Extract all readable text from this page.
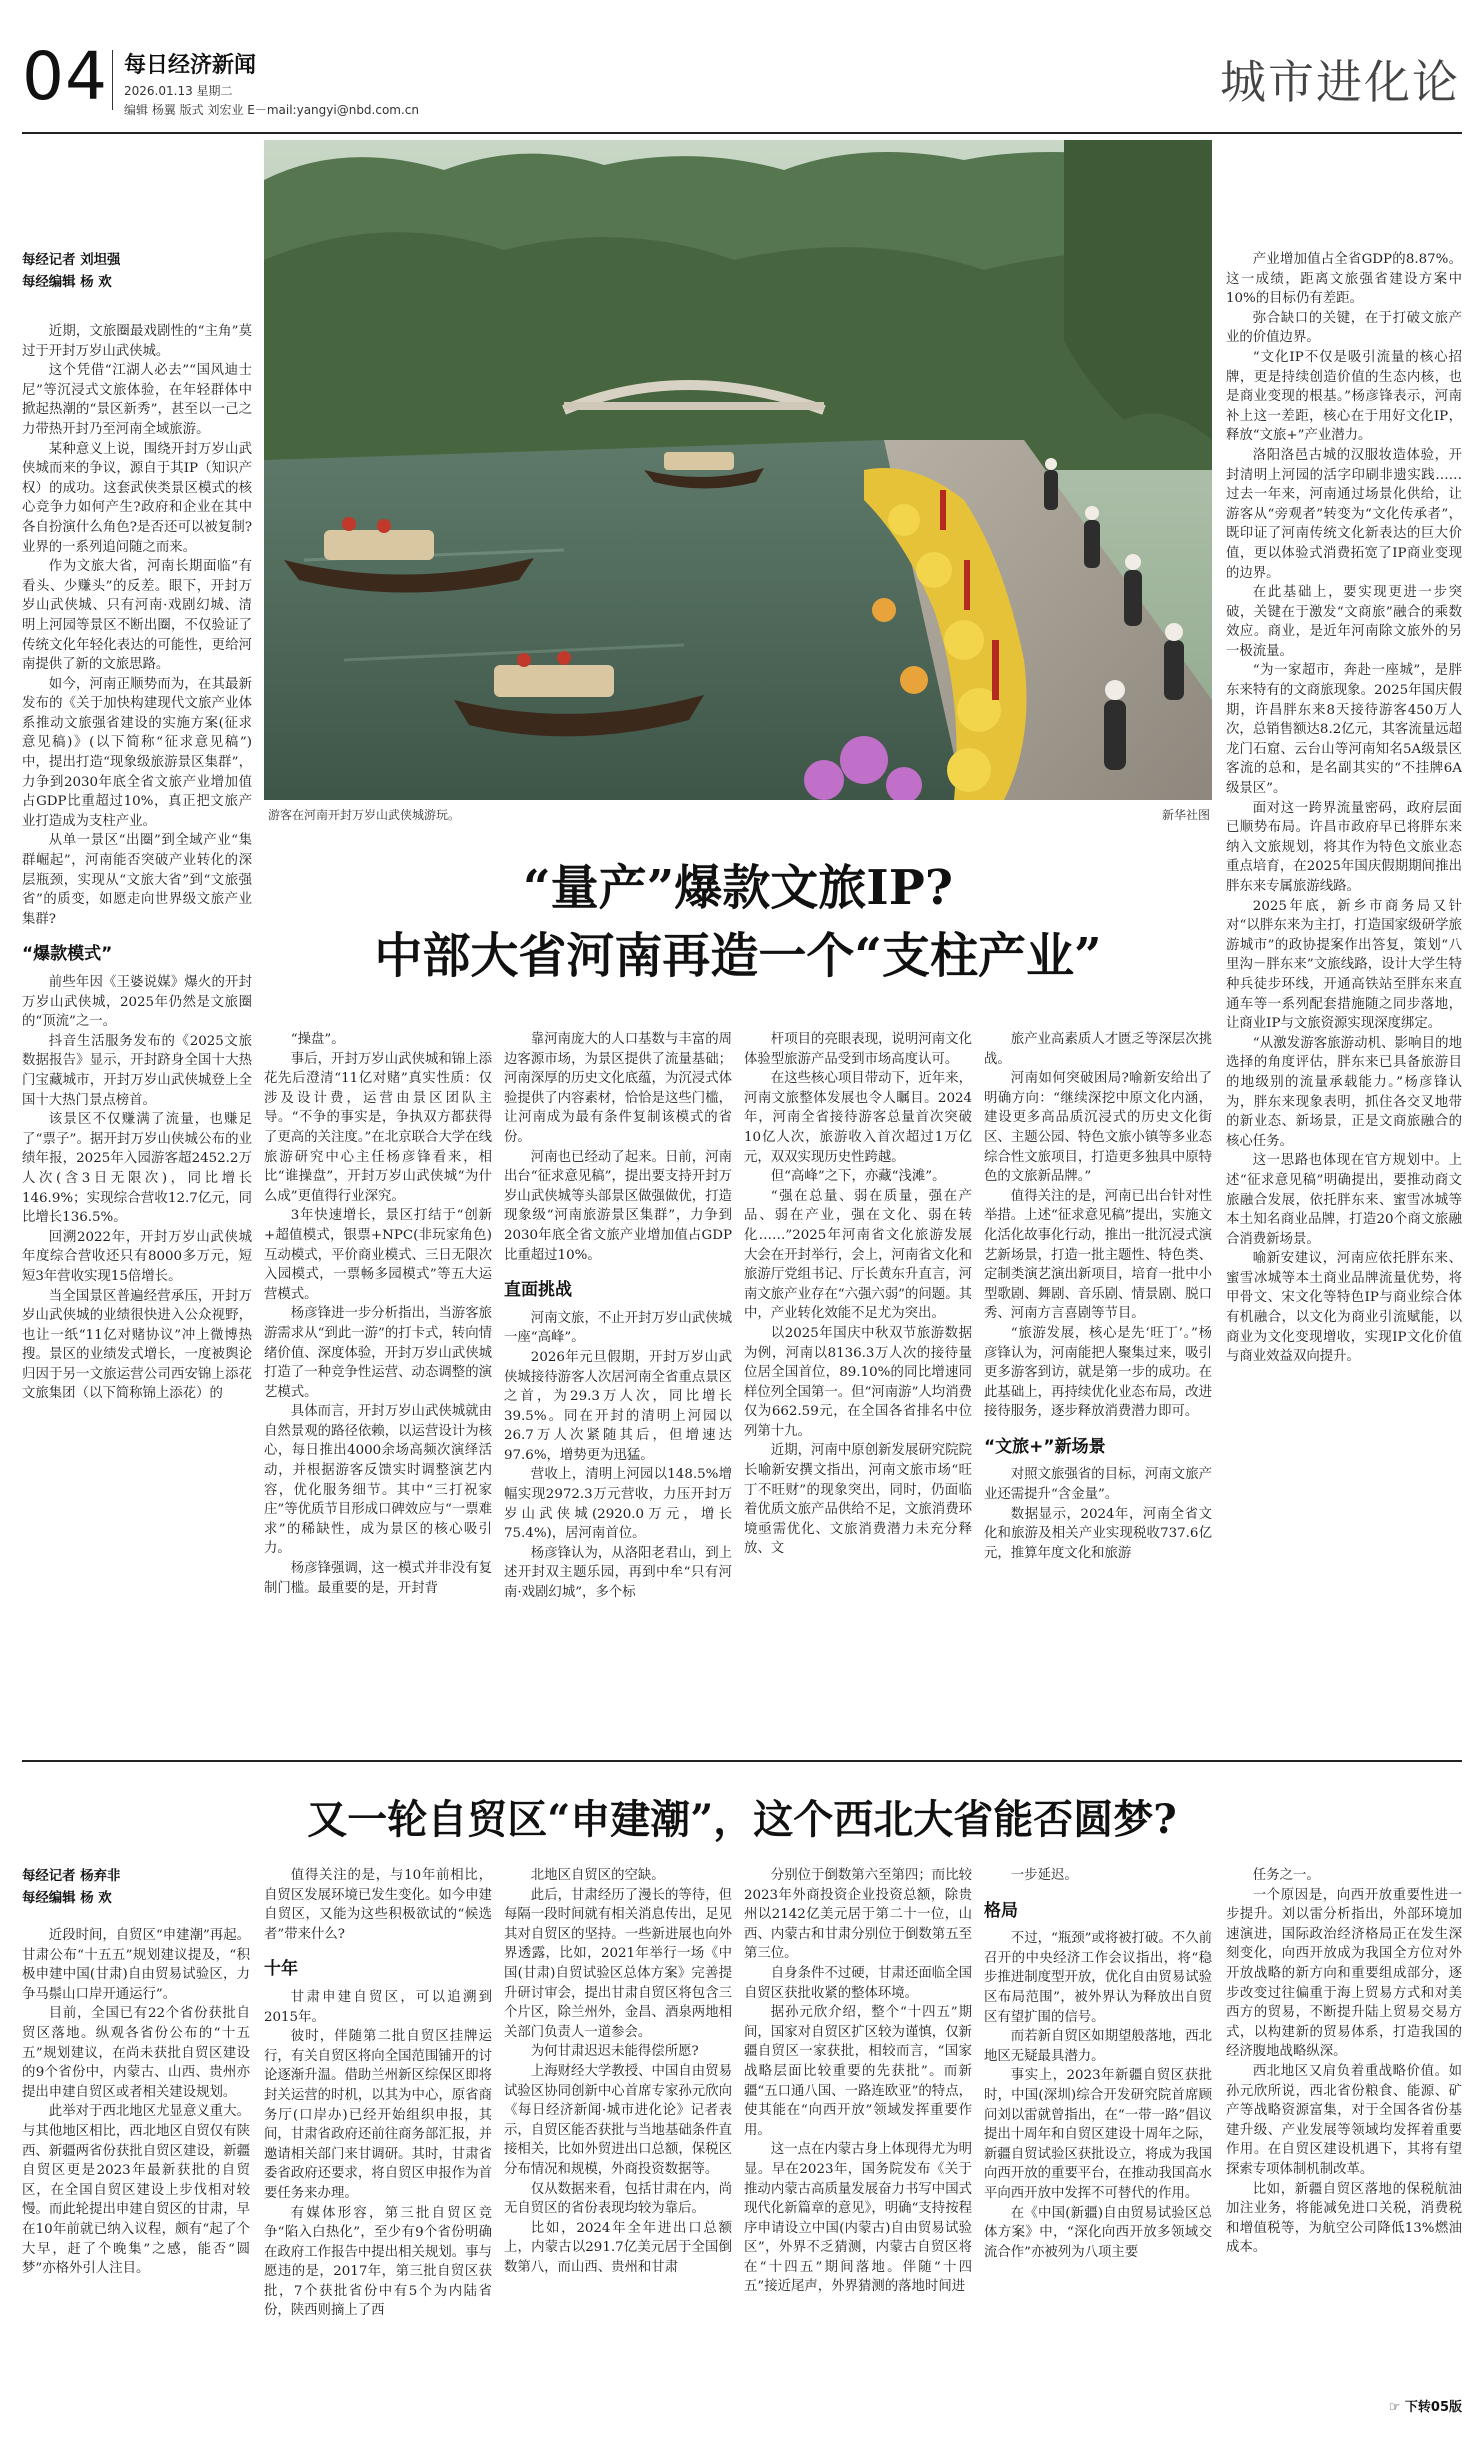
04 每日经济新闻
2026.01.13 星期二
编辑 杨翼 版式 刘宏业 E－mail:yangyi@nbd.com.cn
城市进化论
每经记者 刘坦强
每经编辑 杨 欢
游客在河南开封万岁山武侠城游玩。	新华社图
“量产”爆款文旅IP?
中部大省河南再造一个“支柱产业”

近期，文旅圈最戏剧性的“主角”莫过于开封万岁山武侠城。

这个凭借“江湖人必去”“国风迪士尼”等沉浸式文旅体验，在年轻群体中掀起热潮的“景区新秀”，甚至以一己之力带热开封乃至河南全域旅游。

某种意义上说，围绕开封万岁山武侠城而来的争议，源自于其IP（知识产权）的成功。这套武侠类景区模式的核心竞争力如何产生?政府和企业在其中各自扮演什么角色?是否还可以被复制?业界的一系列追问随之而来。

作为文旅大省，河南长期面临“有看头、少赚头”的反差。眼下，开封万岁山武侠城、只有河南·戏剧幻城、清明上河园等景区不断出圈，不仅验证了传统文化年轻化表达的可能性，更给河南提供了新的文旅思路。

如今，河南正顺势而为，在其最新发布的《关于加快构建现代文旅产业体系推动文旅强省建设的实施方案(征求意见稿)》(以下简称“征求意见稿”)中，提出打造“现象级旅游景区集群”，力争到2030年底全省文旅产业增加值占GDP比重超过10%，真正把文旅产业打造成为支柱产业。

从单一景区“出圈”到全域产业“集群崛起”，河南能否突破产业转化的深层瓶颈，实现从“文旅大省”到“文旅强省”的质变，如愿走向世界级文旅产业集群?

“爆款模式”

前些年因《王婆说媒》爆火的开封万岁山武侠城，2025年仍然是文旅圈的“顶流”之一。

抖音生活服务发布的《2025文旅数据报告》显示，开封跻身全国十大热门宝藏城市，开封万岁山武侠城登上全国十大热门景点榜首。

该景区不仅赚满了流量，也赚足了“票子”。据开封万岁山侠城公布的业绩年报，2025年入园游客超2452.2万人次(含3日无限次)，同比增长146.9%；实现综合营收12.7亿元，同比增长136.5%。

回溯2022年，开封万岁山武侠城年度综合营收还只有8000多万元，短短3年营收实现15倍增长。

当全国景区普遍经营承压，开封万岁山武侠城的业绩很快进入公众视野，也让一纸“11亿对赌协议”冲上微博热搜。景区的业绩发式增长，一度被舆论归因于另一文旅运营公司西安锦上添花文旅集团（以下简称锦上添花）的

“操盘”。

事后，开封万岁山武侠城和锦上添花先后澄清“11亿对赌”真实性质：仅涉及设计费，运营由景区团队主导。“不争的事实是，争执双方都获得了更高的关注度。”在北京联合大学在线旅游研究中心主任杨彦锋看来，相比“谁操盘”，开封万岁山武侠城“为什么成”更值得行业深究。

3年快速增长，景区打结于“创新+超值模式，银票+NPC(非玩家角色)互动模式，平价商业模式、三日无限次入园模式，一票畅多园模式”等五大运营模式。

杨彦锋进一步分析指出，当游客旅游需求从“到此一游”的打卡式，转向情绪价值、深度体验，开封万岁山武侠城打造了一种竞争性运营、动态调整的演艺模式。

具体而言，开封万岁山武侠城就由自然景观的路径依赖，以运营设计为核心，每日推出4000余场高频次演绎活动，并根据游客反馈实时调整演艺内容，优化服务细节。其中“三打祝家庄”等优质节目形成口碑效应与“一票难求”的稀缺性，成为景区的核心吸引力。

杨彦锋强调，这一模式并非没有复制门槛。最重要的是，开封背

靠河南庞大的人口基数与丰富的周边客源市场，为景区提供了流量基础；河南深厚的历史文化底蕴，为沉浸式体验提供了内容素材，恰恰是这些门槛，让河南成为最有条件复制该模式的省份。

河南也已经动了起来。日前，河南出台“征求意见稿”，提出要支持开封万岁山武侠城等头部景区做强做优，打造现象级“河南旅游景区集群”，力争到2030年底全省文旅产业增加值占GDP比重超过10%。

直面挑战

河南文旅，不止开封万岁山武侠城一座“高峰”。

2026年元旦假期，开封万岁山武侠城接待游客人次居河南全省重点景区之首，为29.3万人次，同比增长39.5%。同在开封的清明上河园以26.7万人次紧随其后，但增速达97.6%，增势更为迅猛。

营收上，清明上河园以148.5%增幅实现2972.3万元营收，力压开封万岁山武侠城(2920.0万元，增长75.4%)，居河南首位。

杨彦锋认为，从洛阳老君山，到上述开封双主题乐园，再到中牟“只有河南·戏剧幻城”，多个标

杆项目的亮眼表现，说明河南文化体验型旅游产品受到市场高度认可。

在这些核心项目带动下，近年来，河南文旅整体发展也令人瞩目。2024年，河南全省接待游客总量首次突破10亿人次，旅游收入首次超过1万亿元，双双实现历史性跨越。

但“高峰”之下，亦藏“浅滩”。

“强在总量、弱在质量，强在产品、弱在产业，强在文化、弱在转化……”2025年河南省文化旅游发展大会在开封举行，会上，河南省文化和旅游厅党组书记、厅长黄东升直言，河南文旅产业存在“六强六弱”的问题。其中，产业转化效能不足尤为突出。

以2025年国庆中秋双节旅游数据为例，河南以8136.3万人次的接待量位居全国首位，89.10%的同比增速同样位列全国第一。但“河南游”人均消费仅为662.59元，在全国各省排名中位列第十九。

近期，河南中原创新发展研究院院长喻新安撰文指出，河南文旅市场“旺丁不旺财”的现象突出，同时，仍面临着优质文旅产品供给不足，文旅消费环境亟需优化、文旅消费潜力未充分释放、文

旅产业高素质人才匮乏等深层次挑战。

河南如何突破困局?喻新安给出了明确方向：“继续深挖中原文化内涵，建设更多高品质沉浸式的历史文化街区、主题公园、特色文旅小镇等多业态综合性文旅项目，打造更多独具中原特色的文旅新品牌。”

值得关注的是，河南已出台针对性举措。上述“征求意见稿”提出，实施文化活化故事化行动，推出一批沉浸式演艺新场景，打造一批主题性、特色类、定制类演艺演出新项目，培育一批中小型歌剧、舞剧、音乐剧、情景剧、脱口秀、河南方言喜剧等节目。

“旅游发展，核心是先‘旺丁’。”杨彦锋认为，河南能把人聚集过来，吸引更多游客到访，就是第一步的成功。在此基础上，再持续优化业态布局，改进接待服务，逐步释放消费潜力即可。

“文旅+”新场景

对照文旅强省的目标，河南文旅产业还需提升“含金量”。

数据显示，2024年，河南全省文化和旅游及相关产业实现税收737.6亿元，推算年度文化和旅游

产业增加值占全省GDP的8.87%。这一成绩，距离文旅强省建设方案中10%的目标仍有差距。

弥合缺口的关键，在于打破文旅产业的价值边界。

“文化IP不仅是吸引流量的核心招牌，更是持续创造价值的生态内核，也是商业变现的根基。”杨彦锋表示，河南补上这一差距，核心在于用好文化IP，释放“文旅+”产业潜力。

洛阳洛邑古城的汉服妆造体验，开封清明上河园的活字印刷非遗实践……过去一年来，河南通过场景化供给，让游客从“旁观者”转变为“文化传承者”，既印证了河南传统文化新表达的巨大价值，更以体验式消费拓宽了IP商业变现的边界。

在此基础上，要实现更进一步突破，关键在于激发“文商旅”融合的乘数效应。商业，是近年河南除文旅外的另一极流量。

“为一家超市，奔赴一座城”，是胖东来特有的文商旅现象。2025年国庆假期，许昌胖东来8天接待游客450万人次，总销售额达8.2亿元，其客流量远超龙门石窟、云台山等河南知名5A级景区客流的总和，是名副其实的“不挂牌6A级景区”。

面对这一跨界流量密码，政府层面已顺势布局。许昌市政府早已将胖东来纳入文旅规划，将其作为特色文旅业态重点培育，在2025年国庆假期期间推出胖东来专属旅游线路。

2025年底，新乡市商务局又针对“以胖东来为主打，打造国家级研学旅游城市”的政协提案作出答复，策划“八里沟－胖东来”文旅线路，设计大学生特种兵徒步环线，开通高铁站至胖东来直通车等一系列配套措施随之同步落地，让商业IP与文旅资源实现深度绑定。

“从激发游客旅游动机、影响目的地选择的角度评估，胖东来已具备旅游目的地级别的流量承载能力。”杨彦锋认为，胖东来现象表明，抓住各交叉地带的新业态、新场景，正是文商旅融合的核心任务。

这一思路也体现在官方规划中。上述“征求意见稿”明确提出，要推动商文旅融合发展，依托胖东来、蜜雪冰城等本土知名商业品牌，打造20个商文旅融合消费新场景。

喻新安建议，河南应依托胖东来、蜜雪冰城等本土商业品牌流量优势，将甲骨文、宋文化等特色IP与商业综合体有机融合，以文化为商业引流赋能，以商业为文化变现增收，实现IP文化价值与商业效益双向提升。

又一轮自贸区“申建潮”，这个西北大省能否圆梦?
每经记者 杨弃非
每经编辑 杨 欢

近段时间，自贸区“申建潮”再起。甘肃公布“十五五”规划建议提及，“积极申建中国(甘肃)自由贸易试验区，力争马鬃山口岸开通运行”。

目前，全国已有22个省份获批自贸区落地。纵观各省份公布的“十五五”规划建议，在尚未获批自贸区建设的9个省份中，内蒙古、山西、贵州亦提出申建自贸区或者相关建设规划。

此举对于西北地区尤显意义重大。与其他地区相比，西北地区自贸仅有陕西、新疆两省份获批自贸区建设，新疆自贸区更是2023年最新获批的自贸区，在全国自贸区建设上步伐相对较慢。而此轮提出申建自贸区的甘肃，早在10年前就已纳入议程，颇有“起了个大早，赶了个晚集”之感，能否“圆梦”亦格外引人注目。

值得关注的是，与10年前相比，自贸区发展环境已发生变化。如今申建自贸区，又能为这些积极欲试的“候选者”带来什么?

十年

甘肃申建自贸区，可以追溯到2015年。

彼时，伴随第二批自贸区挂牌运行，有关自贸区将向全国范围铺开的讨论逐渐升温。借助兰州新区综保区即将封关运营的时机，以其为中心，原省商务厅(口岸办)已经开始组织申报，其间，甘肃省政府还前往商务部汇报，并邀请相关部门来甘调研。其时，甘肃省委省政府还要求，将自贸区申报作为首要任务来办理。

有媒体形容，第三批自贸区竞争“陷入白热化”，至少有9个省份明确在政府工作报告中提出相关规划。事与愿违的是，2017年，第三批自贸区获批，7个获批省份中有5个为内陆省份，陕西则摘上了西

北地区自贸区的空缺。

此后，甘肃经历了漫长的等待，但每隔一段时间就有相关消息传出，足见其对自贸区的坚持。一些新进展也向外界透露，比如，2021年举行一场《中国(甘肃)自贸试验区总体方案》完善提升研讨审会，提出甘肃自贸区将包含三个片区，除兰州外，金昌、酒泉两地相关部门负责人一道参会。

为何甘肃迟迟未能得偿所愿?

上海财经大学教授、中国自由贸易试验区协同创新中心首席专家孙元欣向《每日经济新闻·城市进化论》记者表示，自贸区能否获批与当地基础条件直接相关，比如外贸进出口总额，保税区分布情况和规模，外商投资数据等。

仅从数据来看，包括甘肃在内，尚无自贸区的省份表现均较为靠后。

比如，2024年全年进出口总额上，内蒙古以291.7亿美元居于全国倒数第八，而山西、贵州和甘肃

分别位于倒数第六至第四；而比较2023年外商投资企业投资总额，除贵州以2142亿美元居于第二十一位，山西、内蒙古和甘肃分别位于倒数第五至第三位。

自身条件不过硬，甘肃还面临全国自贸区获批收紧的整体环境。

据孙元欣介绍，整个“十四五”期间，国家对自贸区扩区较为谨慎，仅新疆自贸区一家获批，相较而言，“国家战略层面比较重要的先获批”。而新疆“五口通八国、一路连欧亚”的特点，使其能在“向西开放”领域发挥重要作用。

这一点在内蒙古身上体现得尤为明显。早在2023年，国务院发布《关于推动内蒙古高质量发展奋力书写中国式现代化新篇章的意见》，明确“支持按程序申请设立中国(内蒙古)自由贸易试验区”，外界不乏猜测，内蒙古自贸区将在“十四五”期间落地。伴随“十四五”接近尾声，外界猜测的落地时间进

一步延迟。

格局

不过，“瓶颈”或将被打破。不久前召开的中央经济工作会议指出，将“稳步推进制度型开放，优化自由贸易试验区布局范围”，被外界认为释放出自贸区有望扩围的信号。

而若新自贸区如期望般落地，西北地区无疑最具潜力。

事实上，2023年新疆自贸区获批时，中国(深圳)综合开发研究院首席顾问刘以雷就曾指出，在“一带一路”倡议提出十周年和自贸区建设十周年之际，新疆自贸试验区获批设立，将成为我国向西开放的重要平台，在推动我国高水平向西开放中发挥不可替代的作用。

在《中国(新疆)自由贸易试验区总体方案》中，“深化向西开放多领域交流合作”亦被列为八项主要

任务之一。

一个原因是，向西开放重要性进一步提升。刘以雷分析指出，外部环境加速演进，国际政治经济格局正在发生深刻变化，向西开放成为我国全方位对外开放战略的新方向和重要组成部分，逐步改变过往偏重于海上贸易方式和对美西方的贸易，不断提升陆上贸易交易方式，以构建新的贸易体系，打造我国的经济腹地战略纵深。

西北地区又肩负着重战略价值。如孙元欣所说，西北省份粮食、能源、矿产等战略资源富集，对于全国各省份基建升级、产业发展等领域均发挥着重要作用。在自贸区建设机遇下，其将有望探索专项体制机制改革。

比如，新疆自贸区落地的保税航油加注业务，将能减免进口关税，消费税和增值税等，为航空公司降低13%燃油成本。

☞ 下转05版
